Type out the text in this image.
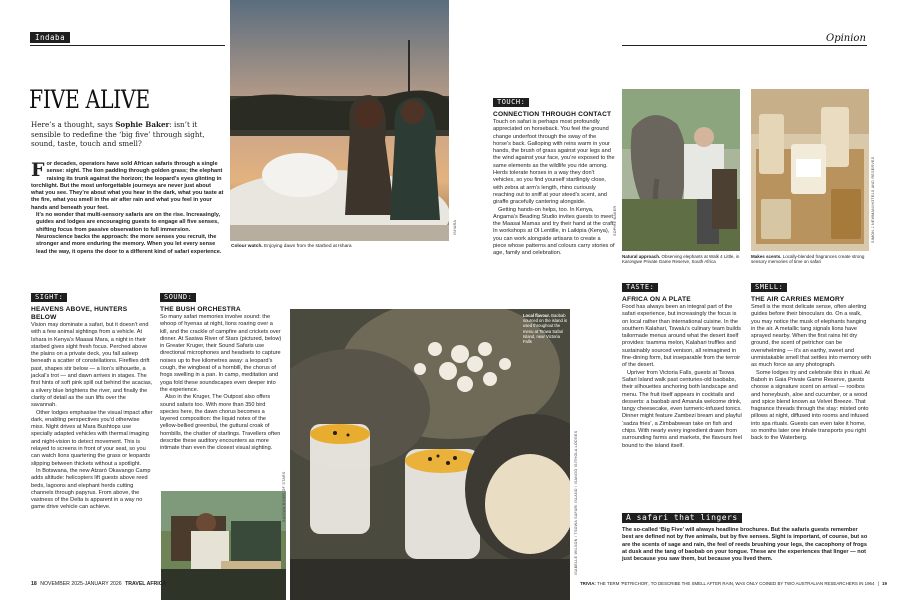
Indaba	Opinion
FIVE ALIVE
Here’s a thought, says Sophie Baker: isn’t it sensible to redefine the ‘big five’ through sight, sound, taste, touch and smell?
F or decades, operators have sold African safaris through a single sense: sight. The lion padding through golden grass; the elephant raising its trunk against the horizon; the leopard’s eyes glinting in torchlight. But the most unforgettable journeys are never just about what you see. They’re about what you hear in the dark, what you taste at the fire, what you smell in the air after rain and what you feel in your hands and beneath your feet.
It’s no wonder that multi-sensory safaris are on the rise. Increasingly, guides and lodges are encouraging guests to engage all five senses, shifting focus from passive observation to full immersion. Neuroscience backs the approach: the more senses you recruit, the stronger and more enduring the memory. When you let every sense lead the way, it opens the door to a different kind of safari experience.
ISHARA
Colour watch. Enjoying dawn from the starbed at Ishara
SIGHT:
HEAVENS ABOVE, HUNTERS BELOW
Vision may dominate a safari, but it doesn’t end with a few animal sightings from a vehicle. At Ishara in Kenya’s Maasai Mara, a night in their starbed gives sight fresh focus. Perched above the plains on a private deck, you fall asleep beneath a scatter of constellations. Fireflies drift past, shapes stir below — a lion’s silhouette, a jackal’s trot — and dawn arrives in stages. The first hints of soft pink spill out behind the acacias, a silvery blue brightens the river, and finally the clarity of detail as the sun lifts over the savannah.
Other lodges emphasise the visual impact after dark, enabling perspectives you’d otherwise miss. Night drives at Mara Bushtops use specially adapted vehicles with thermal imaging and night-vision to detect movement. This is relayed to screens in front of your seat, so you can watch lions quartering the grass or leopards slipping between thickets without a spotlight.
In Botswana, the new Atzaró Okavango Camp adds altitude: helicopters lift guests above reed beds, lagoons and elephant herds cutting channels through papyrus. From above, the vastness of the Delta is apparent in a way no game drive vehicle can achieve.
SOUND:
THE BUSH ORCHESTRA
So many safari memories involve sound: the whoop of hyenas at night, lions roaring over a kill, and the crackle of campfire and crickets over dinner. At Sasiwa River of Stars (pictured, below) in Greater Kruger, their Sound Safaris use directional microphones and headsets to capture noises up to five kilometres away: a leopard’s cough, the wingbeat of a hornbill, the chorus of frogs swelling in a pan. In camp, meditation and yoga fold these soundscapes even deeper into the experience.
Also in the Kruger, The Outpost also offers sound safaris too. With more than 350 bird species here, the dawn chorus becomes a layered composition: the liquid notes of the yellow-bellied greenbul, the guttural croak of hornbills, the chatter of starlings. Travellers often describe these auditory encounters as more intimate than even the closest visual sighting.
SASIWA RIVER OF STARS
Local flavour. Baobab sourced on the island is used throughout the menu at Tsowa Safari Island, near Victoria Falls
ISABELLE WILSON / TSOWA SAFARI ISLAND / ISANGO ISITHOLA LODGES
TOUCH:
CONNECTION THROUGH CONTACT
Touch on safari is perhaps most profoundly appreciated on horseback. You feel the ground change underfoot through the sway of the horse’s back. Galloping with reins warm in your hands, the brush of grass against your legs and the wind against your face, you’re exposed to the same elements as the wildlife you ride among. Herds tolerate horses in a way they don’t vehicles, so you find yourself startlingly close, with zebra at arm’s length, rhino curiously reaching out to sniff at your steed’s scent, and giraffe gracefully cantering alongside.
Getting hands-on helps, too. In Kenya, Angama’s Beading Studio invites guests to meet the Maasai Mamas and try their hand at the craft. In workshops at Ol Lentille, in Laikipia (Kenya), you can work alongside artisans to create a piece whose patterns and colours carry stories of age, family and celebration.
SOPHIE BAKER
Natural approach. Observing elephants at Walk 4 Little, in Karongwe Private Game Reserve, South Africa
SIMON J NEWMAN/HOTELS AND RESERVES
Makes scents. Locally-blended fragrances create strong sensory memories of time on safari
TASTE:
AFRICA ON A PLATE
Food has always been an integral part of the safari experience, but increasingly the focus is on local rather than international cuisine. In the southern Kalahari, Tswalu’s culinary team builds tailormade menus around what the desert itself provides: tsamma melon, Kalahari truffles and sustainably sourced venison, all reimagined in fine-dining form, but inseparable from the terroir of the desert.
Upriver from Victoria Falls, guests at Tsowa Safari Island walk past centuries-old baobabs, their silhouettes anchoring both landscape and menu. The fruit itself appears in cocktails and desserts: a baobab and Amarula welcome drink, tangy cheesecake, even turmeric-infused tonics. Dinner might feature Zambezi bream and playful ‘sadza fries’, a Zimbabwean take on fish and chips. With nearly every ingredient drawn from surrounding farms and markets, the flavours feel bound to the island itself.
SMELL:
THE AIR CARRIES MEMORY
Smell is the most delicate sense, often alerting guides before their binoculars do. On a walk, you may notice the musk of elephants hanging in the air. A metallic tang signals lions have sprayed nearby. When the first rains hit dry ground, the scent of petrichor can be overwhelming — it’s an earthy, sweet and unmistakable smell that settles into memory with as much force as any photograph.
Some lodges try and celebrate this in ritual. At Baboh in Gaia Private Game Reserve, guests choose a signature scent on arrival — rooibos and honeybush, aloe and cucumber, or a wood and spice blend known as Velvet Breeze. That fragrance threads through the stay: misted onto pillows at night, diffused into rooms and infused into spa rituals. Guests can even take it home, so months later one inhale transports you right back to the Waterberg.
A safari that lingers
The so-called ‘Big Five’ will always headline brochures. But the safaris guests remember best are defined not by five animals, but by five senses. Sight is important, of course, but so are the scents of sage and rain, the feel of reeds brushing your legs, the cacophony of frogs at dusk and the tang of baobab on your tongue. These are the experiences that linger — not just because you saw them, but because you lived them.
18 NOVEMBER 2025-JANUARY 2026 TRAVEL AFRICA	TRIVIA: THE TERM ‘PETRICHOR’, TO DESCRIBE THE SMELL AFTER RAIN, WAS ONLY COINED BY TWO AUSTRALIAN RESEARCHERS IN 1964 | 19
